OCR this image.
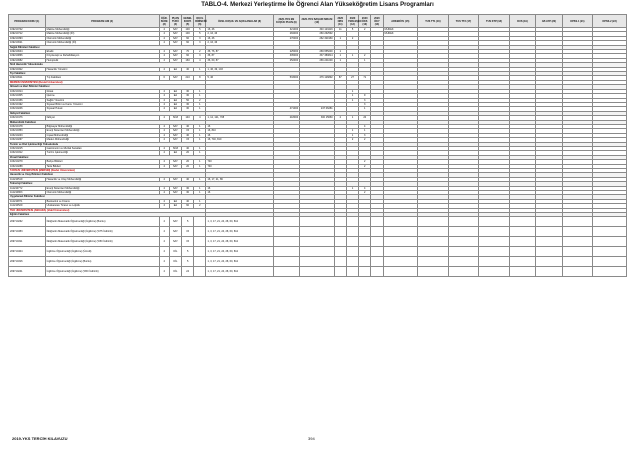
TABLO-4. Merkezi Yerleştirme İle Öğrenci Alan Yükseköğretim Lisans Programları
PROGRAM KODU (1)	PROGRAM ADI (2)	ÖĞR. SÜRE (3)	PUAN TÜRÜ (4)	GENEL KONT. (5)	OKUL BİRİNCİSİ (6)	ÖZEL KOŞUL VE AÇIKLAMALAR (8)	2020-YKS EN KÜÇÜK PUAN (9)	2020-YKS BAŞARI SIRASI (10)	2020 OBS (11)	2020 YERLEŞEN (12)	2020 ÖKS (13)	2020 ÖKY (14)	ARKEDİYE (15)	TUS TT1 (16)	TUS TT2 (17)	TUS KTP (18)	DUS (19)	AB AYP (20)	KPSS-1 (21)	KPSS-2 (22)
109210742	Makine Mühendisliği	4	SAY	100	5	16, 46	321000	340 123416	11	5	2		MÜDEK							
109210712	Makine Mühendisliği (İÖ)	4	SAY	100	5	2, 16, 46	284000	260 262592					MÜDEK							
109210393	Otomotiv Mühendisliği	4	SAY	60	3	16, 46	276000	262 321960	1	2										
109210621	Otomotiv Mühendisliği (İÖ)	4	SAY	60	3	2, 16, 46														
Sağlık Bilimleri Fakültesi																				
109210644	Ebelik	4	SAY	70	2	36, 76, 87	225000	269 655200	1											
109210866	Fizyoterapi ve Rehabilitasyon	4	SAY	60	3	36, 87	305000	337 380814	1	1	2									
109210682	Hemşirelik	4	SAY	160	4	36, 60, 87	252000	266 241000	1		1									
Sivil Havacılık Yüksekokulu																				
109210322	Havacılık Yönetimi	4	EA	40	1	1, 46, 49, 103														
Tıp Fakültesi																				
109210911	Tıp Fakültesi	6	SAY	210	8	5, 46	533000	476 126892	87	27	71									
MERSİN ÜNİVERSİTESİ (Devlet Üniversitesi)																				
İktisadi ve İdari Bilimler Fakültesi																				
103210314	İktisat	4	EA	30	1					1										
103210305	İşletme	4	EA	30	1					1	9									
103210156	Sağlık Yönetimi	4	EA	50	2					1	3									
103210192	Siyaset Bilimi ve Kamu Yönetimi	4	EA	30	1						3									
103210246	Siyasal Hukuk	4	EA	30	1		471000	247 06281			1									
İlahiyat Fakültesi																				
103210176	İlahiyat	4	SÖZ	140	4	1, 12, 121, 708	218000	300 15660	2	1	20									
Mühendislik Fakültesi																				
103210178	Bilgisayar Mühendisliği	4	SAY	40	1	16					4									
103210353	Enerji Sistemleri Mühendisliği	4	SAY	15	1	16, 810				1	1									
103210243	İnşaat Mühendisliği	4	SAY	40	1	16				1	3									
103210267	Maden Mühendisliği	4	SAY	15	1	16, 740, 810				2	2									
Turizm ve Otel İşletmeciliği Yüksekokulu																				
103210215	Gastronomi ve Mutfak Sanatları	4	SÖZ	40	1															
103210312	Turizm İşletmeciliği	4	EA	20	1															
Ziraat Fakültesi																				
103210279	Bahçe Bitkileri	4	SAY	20	1	740					2									
103210288	Tarla Bitkileri	4	SAY	20	1	740					2									
TARSUS ÜNİVERSİTESİ (MERSİN) (Devlet Üniversitesi)																				
Havacılık ve Uzay Bilimleri Fakültesi																				
112210519	Havacılık ve Uzay Mühendisliği	4	SAY	40	1	16, 17, 21, 86														
Teknoloji Fakültesi																				
112210772	Enerji Sistemleri Mühendisliği	4	SAY	30	1	16				1	4									
112210863	Otomotiv Mühendisliği	4	SAY	30	1	16					2									
Uygulamalı Bilimler Fakültesi																				
112210871	Bankacılık ve Finans	4	EA	40	1															
112210529	Uluslararası Ticaret ve Lojistik	4	EA	60	2															
TED ÜNİVERSİTESİ (ANKARA) (Vakıf Üniversitesi)																				
Eğitim Fakültesi																				
209710262	İlköğretim Matematik Öğretmenliği (İngilizce) (Burslu)	4	SAY	5		1, 3, 17, 21, 24, 28, 60, 812														
209710453	İlköğretim Matematik Öğretmenliği (İngilizce) (%75 İndirimli)	4	SAY	15		1, 3, 17, 21, 24, 28, 60, 812														
209710311	İlköğretim Matematik Öğretmenliği (İngilizce) (%50 İndirimli)	4	SAY	15		1, 3, 17, 21, 24, 28, 60, 812														
209710404	İngilizce Öğretmenliği (İngilizce) (Ücretli)	4	DİL	5		1, 3, 17, 21, 24, 28, 60, 812														
209710316	İngilizce Öğretmenliği (İngilizce) (Burslu)	4	DİL	5		1, 3, 17, 21, 24, 28, 60, 812														
209710241	İngilizce Öğretmenliği (İngilizce) (%50 İndirimli)	4	DİL	24		1, 3, 17, 21, 24, 28, 60, 812														
2019-YKS TERCİH KILAVUZU	394
